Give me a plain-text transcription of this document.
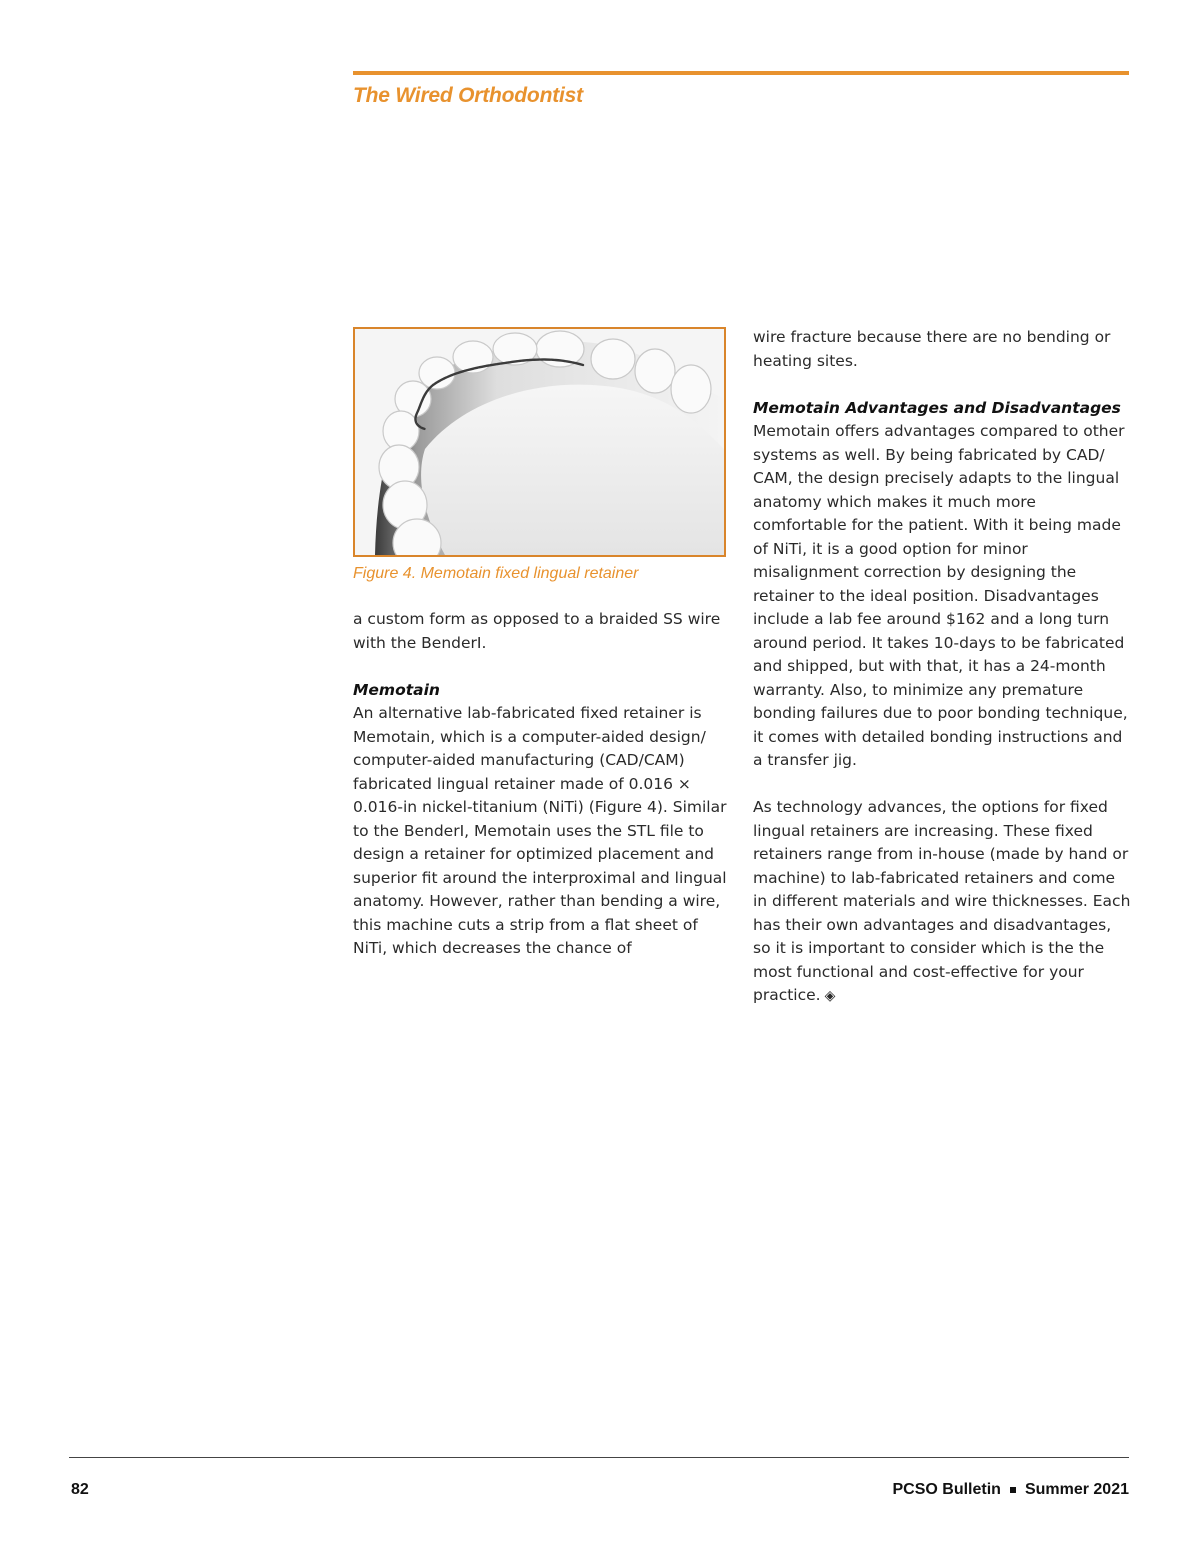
The Wired Orthodontist
Figure 4. Memotain fixed lingual retainer

a custom form as opposed to a braided SS wire with the BenderI.

Memotain

An alternative lab-fabricated fixed retainer is Memotain, which is a computer-aided design/ computer-aided manufacturing (CAD/CAM) fabricated lingual retainer made of 0.016 × 0.016-in nickel-titanium (NiTi) (Figure 4). Similar to the BenderI, Memotain uses the STL file to design a retainer for optimized placement and superior fit around the interproximal and lingual anatomy. However, rather than bending a wire, this machine cuts a strip from a flat sheet of NiTi, which decreases the chance of

wire fracture because there are no bending or heating sites.

Memotain Advantages and Disadvantages

Memotain offers advantages compared to other systems as well. By being fabricated by CAD/ CAM, the design precisely adapts to the lingual anatomy which makes it much more comfortable for the patient. With it being made of NiTi, it is a good option for minor misalignment correction by designing the retainer to the ideal position. Disadvantages include a lab fee around $162 and a long turn around period. It takes 10-days to be fabricated and shipped, but with that, it has a 24-month warranty. Also, to minimize any premature bonding failures due to poor bonding technique, it comes with detailed bonding instructions and a transfer jig.

As technology advances, the options for fixed lingual retainers are increasing. These fixed retainers range from in-house (made by hand or machine) to lab-fabricated retainers and come in different materials and wire thicknesses. Each has their own advantages and disadvantages, so it is important to consider which is the the most functional and cost-effective for your practice. ◈

82	PCSO Bulletin Summer 2021
